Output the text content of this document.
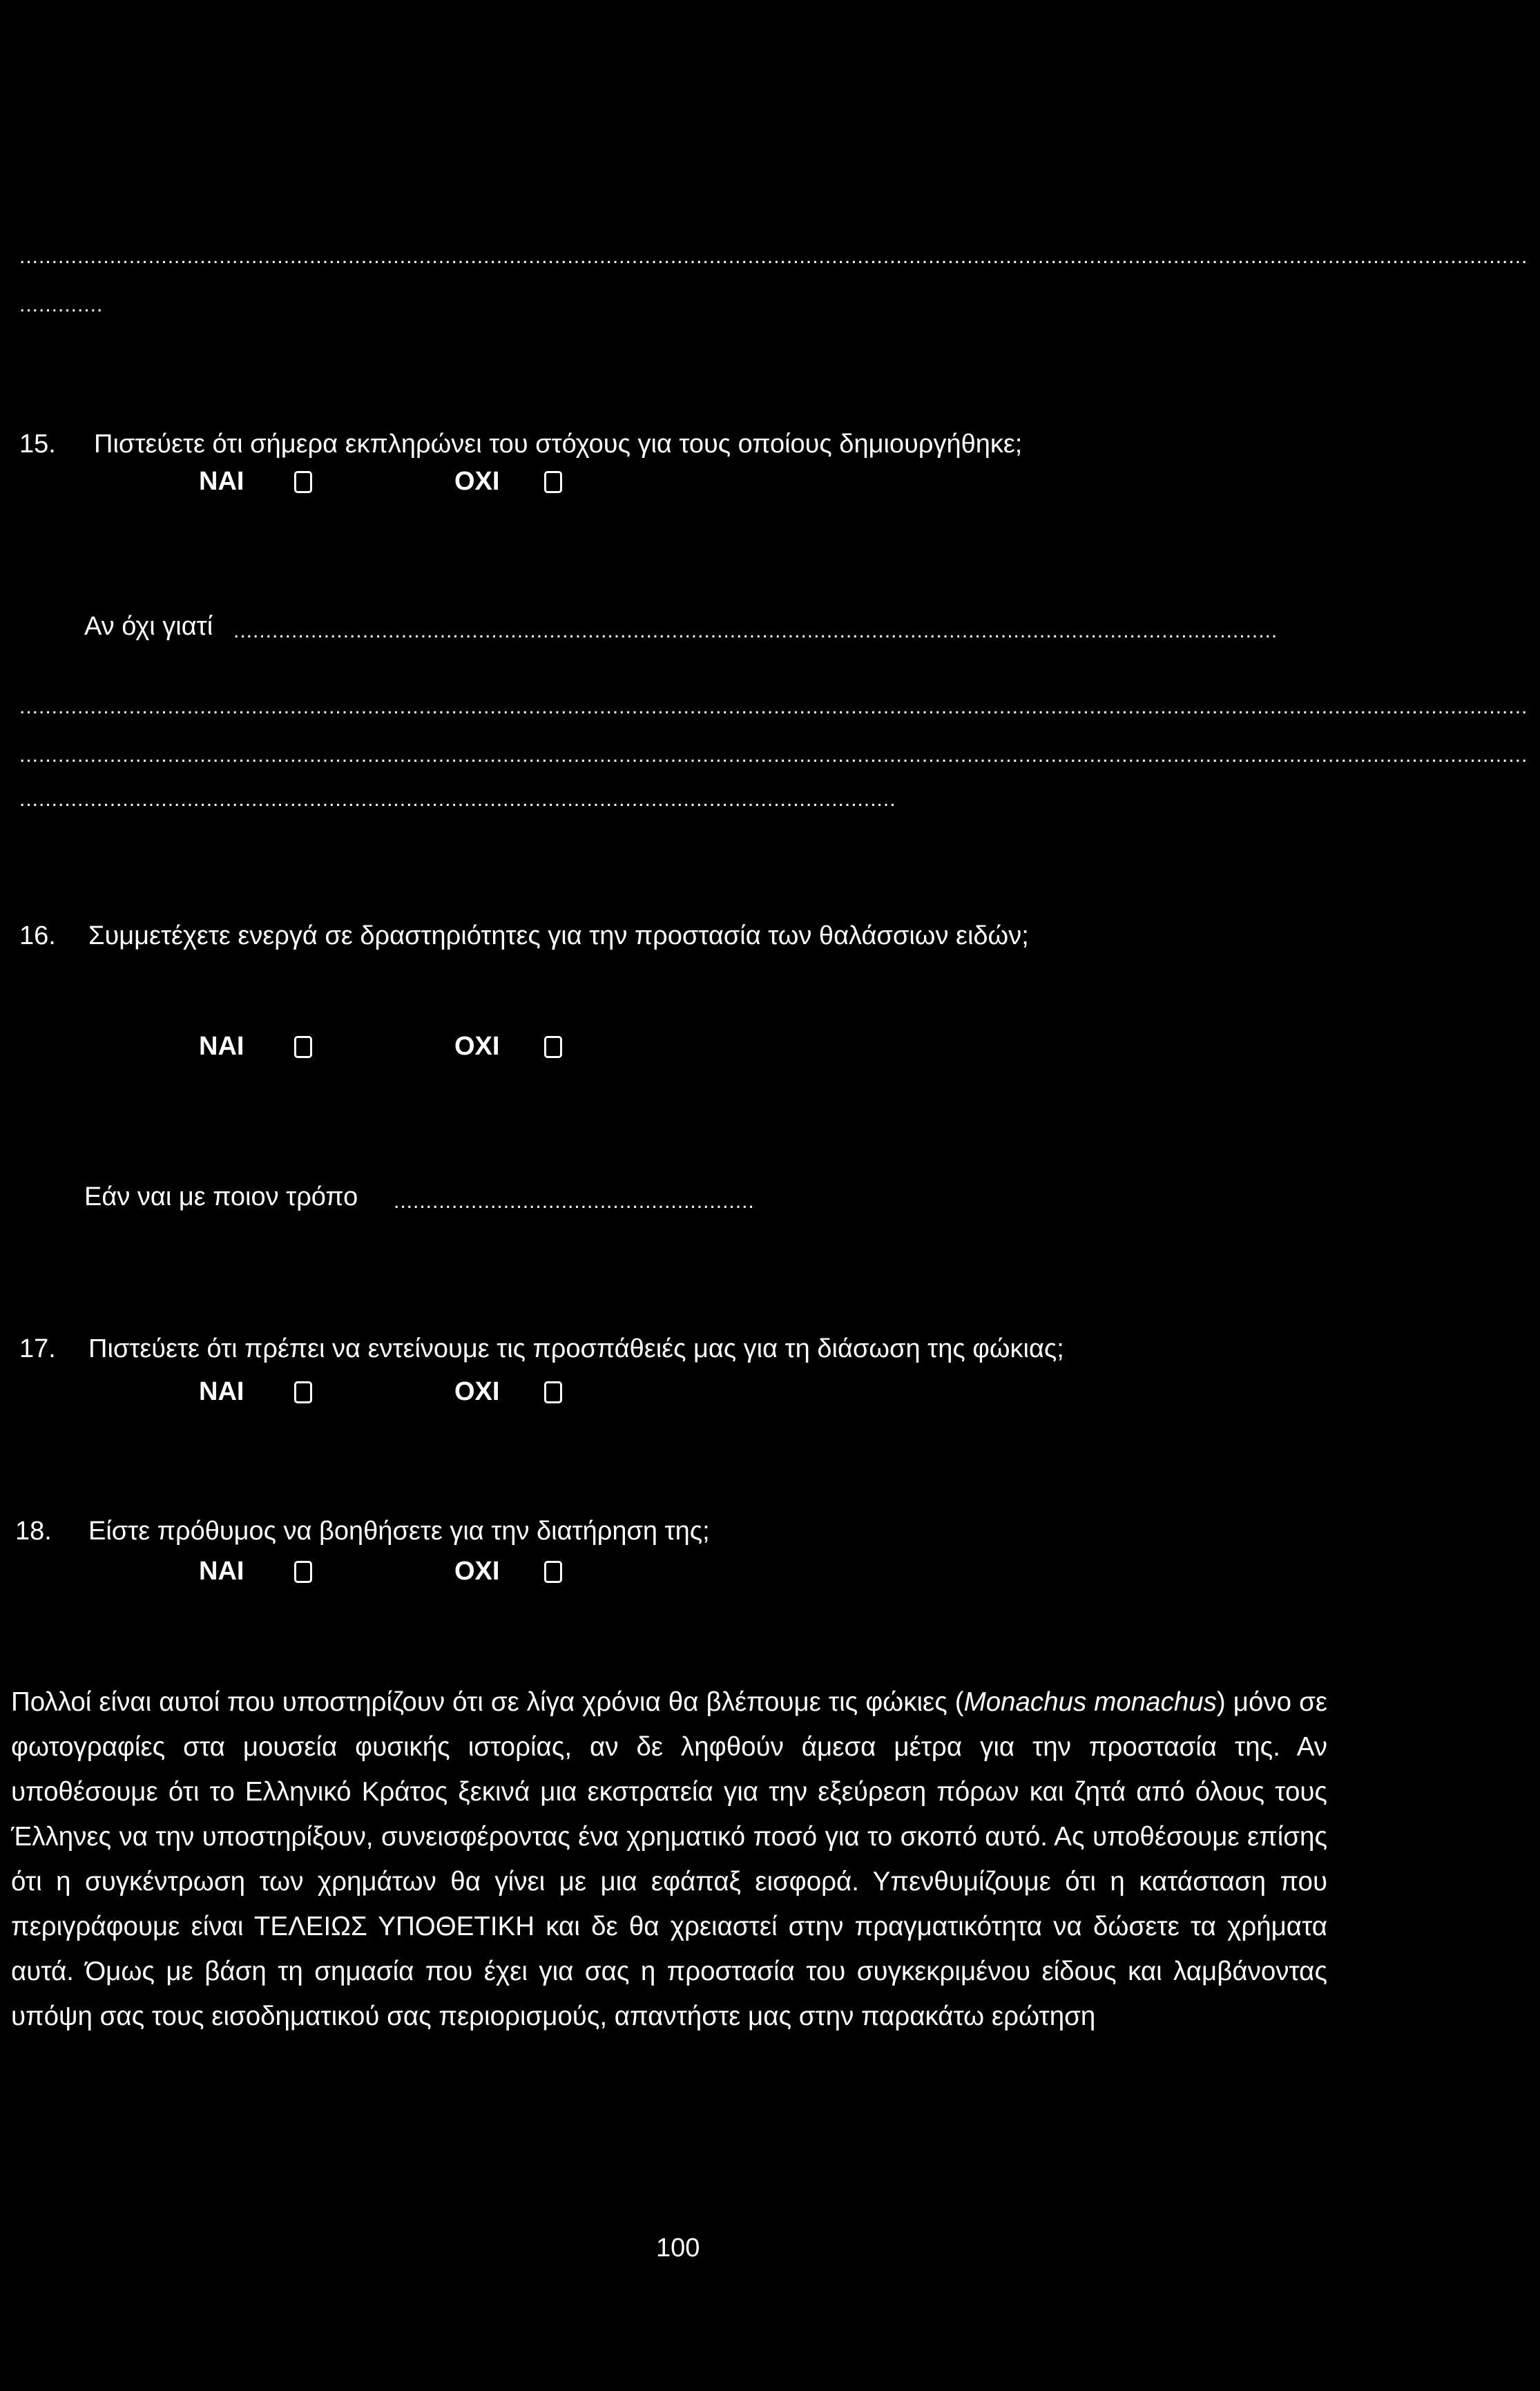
..........................................................................................................................................................................................................................................
.............
15. Πιστεύετε ότι σήμερα εκπληρώνει του στόχους για τους οποίους δημιουργήθηκε;
ΝΑΙ	ΟΧΙ
Αν όχι γιατί ..................................................................................................................................................................
..........................................................................................................................................................................................................................................
..........................................................................................................................................................................................................................................
........................................................................................................................................
16. Συμμετέχετε ενεργά σε δραστηριότητες για την προστασία των θαλάσσιων ειδών;
ΝΑΙ	ΟΧΙ
Εάν ναι με ποιον τρόπο ........................................................
17. Πιστεύετε ότι πρέπει να εντείνουμε τις προσπάθειές μας για τη διάσωση της φώκιας;
ΝΑΙ	ΟΧΙ
18. Είστε πρόθυμος να βοηθήσετε για την διατήρηση της;
ΝΑΙ	ΟΧΙ
Πολλοί είναι αυτοί που υποστηρίζουν ότι σε λίγα χρόνια θα βλέπουμε τις φώκιες (Monachus monachus) μόνο σε φωτογραφίες στα μουσεία φυσικής ιστορίας, αν δε ληφθούν άμεσα μέτρα για την προστασία της. Αν υποθέσουμε ότι το Ελληνικό Κράτος ξεκινά μια εκστρατεία για την εξεύρεση πόρων και ζητά από όλους τους Έλληνες να την υποστηρίξουν, συνεισφέροντας ένα χρηματικό ποσό για το σκοπό αυτό. Ας υποθέσουμε επίσης ότι η συγκέντρωση των χρημάτων θα γίνει με μια εφάπαξ εισφορά. Υπενθυμίζουμε ότι η κατάσταση που περιγράφουμε είναι ΤΕΛΕΙΩΣ ΥΠΟΘΕΤΙΚΗ και δε θα χρειαστεί στην πραγματικότητα να δώσετε τα χρήματα αυτά. Όμως με βάση τη σημασία που έχει για σας η προστασία του συγκεκριμένου είδους και λαμβάνοντας υπόψη σας τους εισοδηματικού σας περιορισμούς, απαντήστε μας στην παρακάτω ερώτηση
100
